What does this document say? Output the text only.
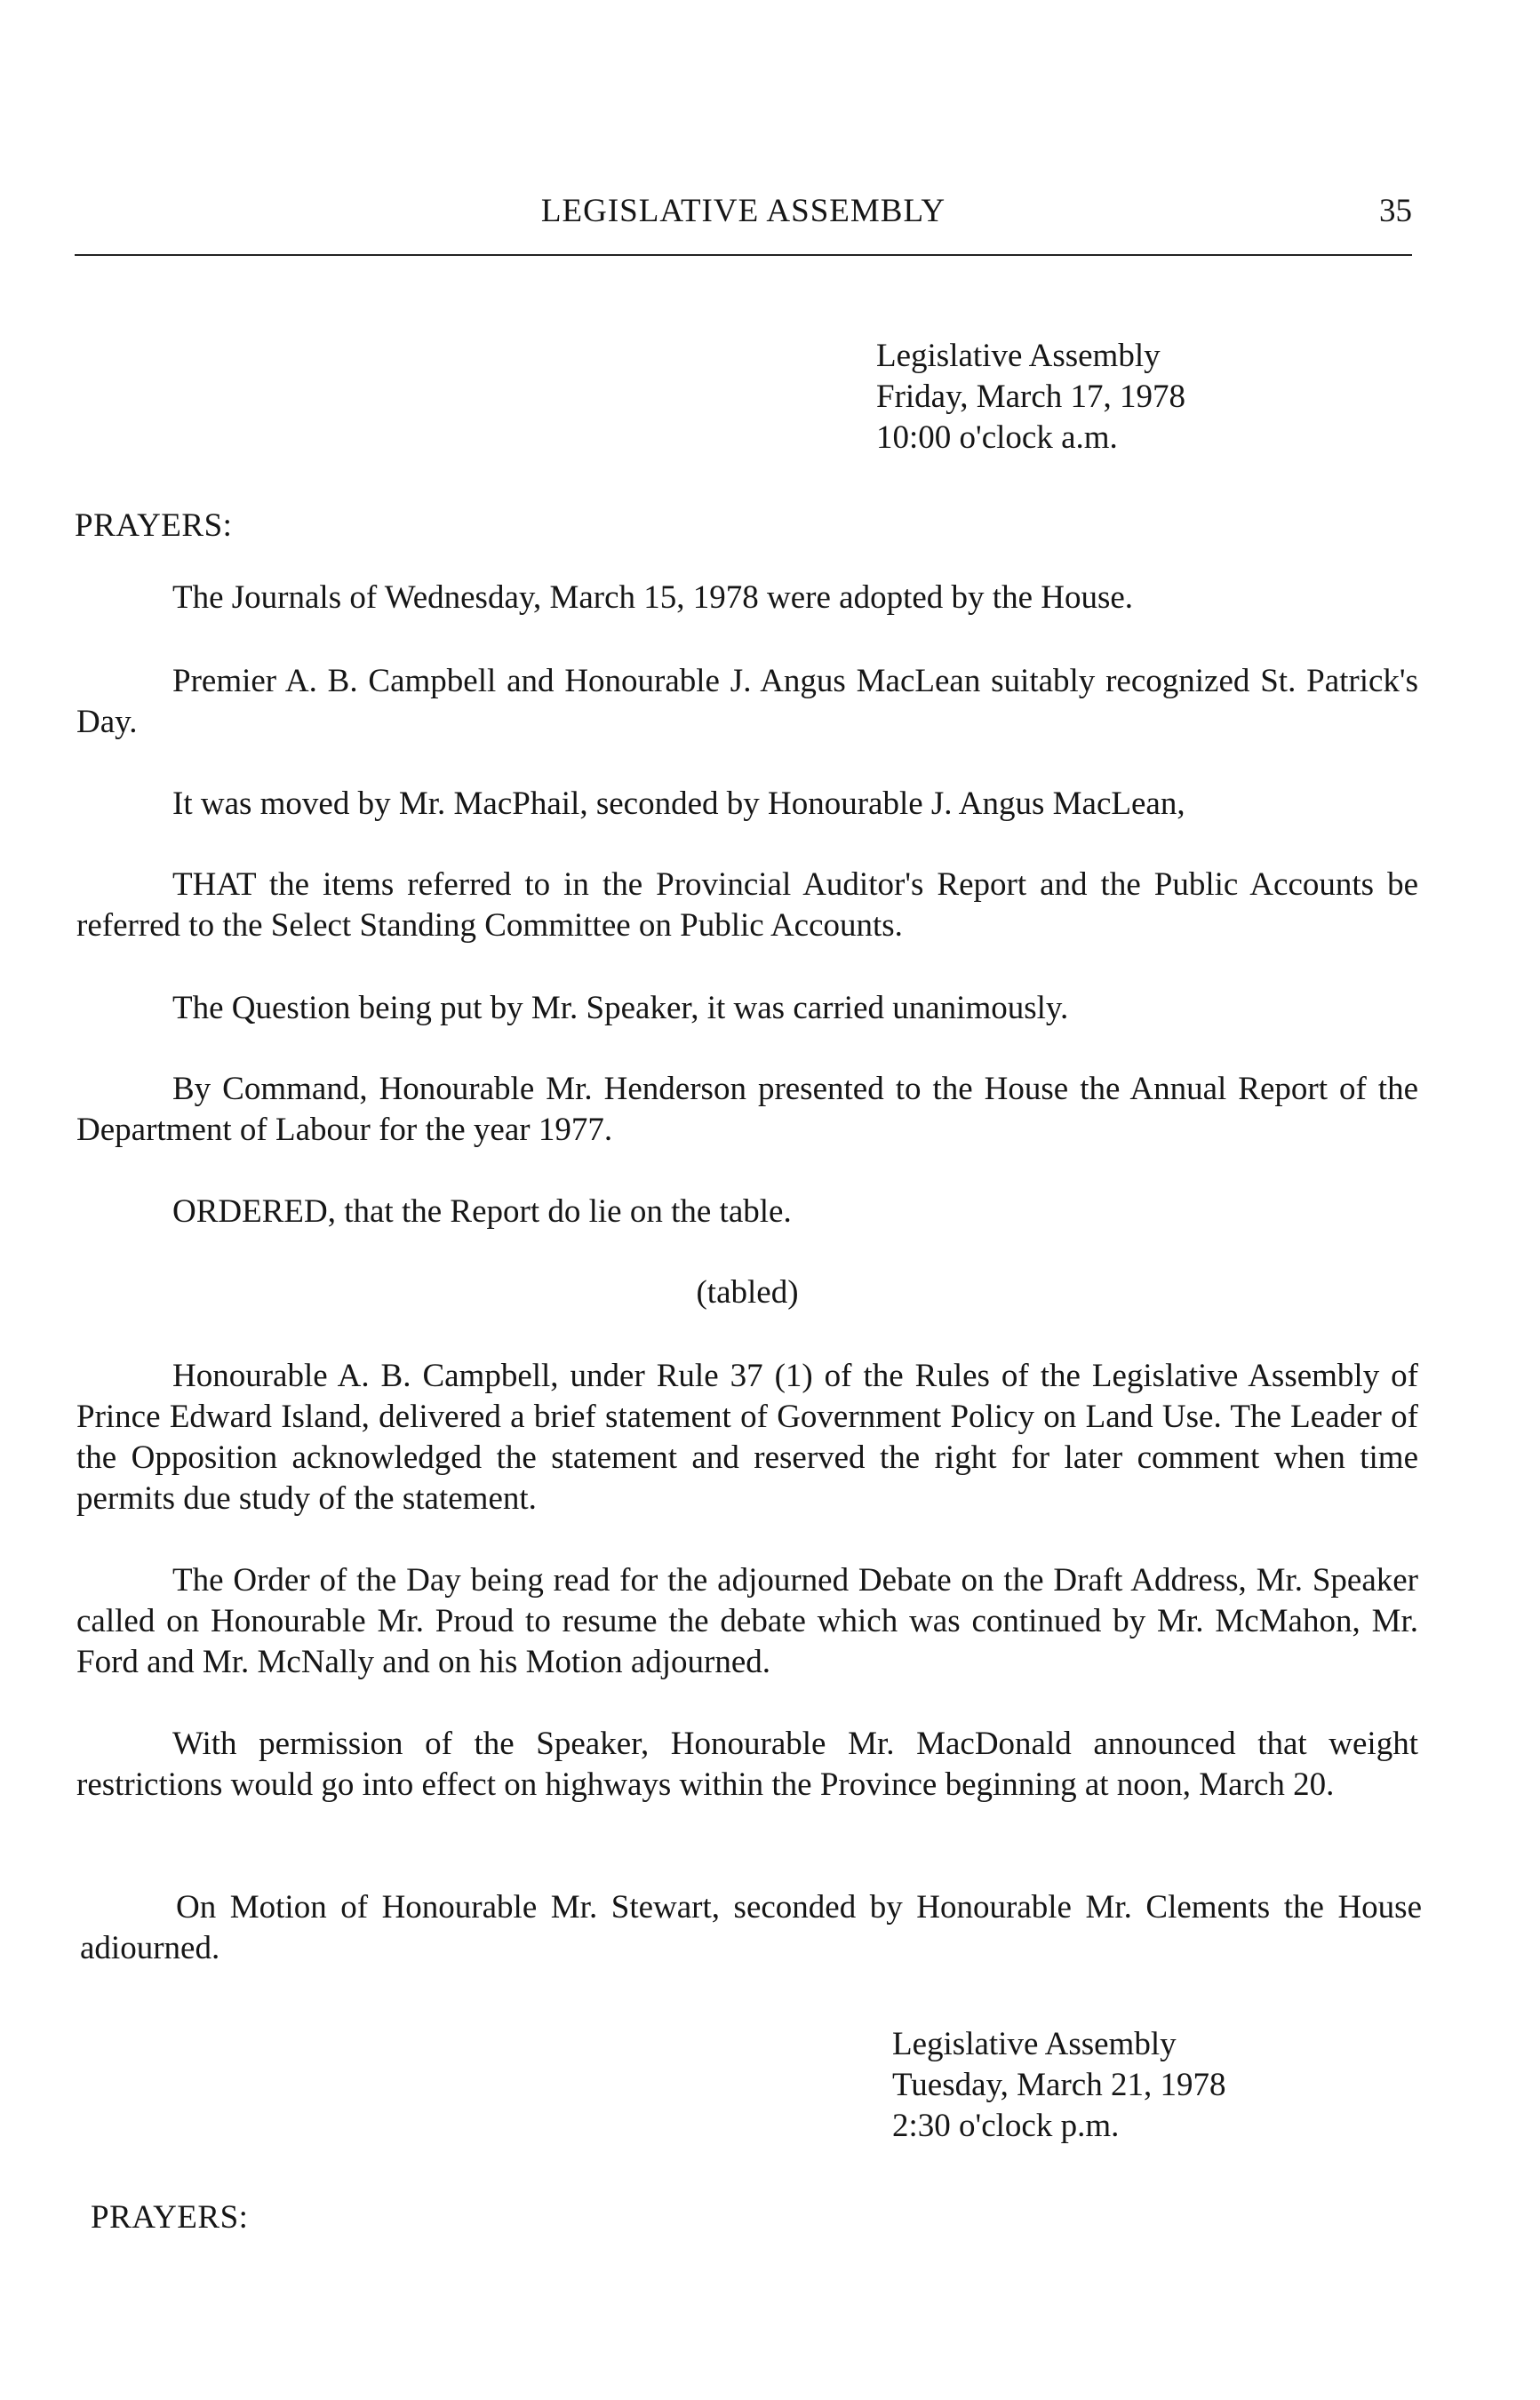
LEGISLATIVE ASSEMBLY	35
Legislative Assembly
Friday, March 17, 1978
10:00 o'clock a.m.
PRAYERS:

The Journals of Wednesday, March 15, 1978 were adopted by the House.

Premier A. B. Campbell and Honourable J. Angus MacLean suitably recognized St. Patrick's Day.

It was moved by Mr. MacPhail, seconded by Honourable J. Angus MacLean,

THAT the items referred to in the Provincial Auditor's Report and the Public Accounts be referred to the Select Standing Committee on Public Accounts.

The Question being put by Mr. Speaker, it was carried unanimously.

By Command, Honourable Mr. Henderson presented to the House the Annual Report of the Department of Labour for the year 1977.

ORDERED, that the Report do lie on the table.

(tabled)

Honourable A. B. Campbell, under Rule 37 (1) of the Rules of the Legislative Assembly of Prince Edward Island, delivered a brief statement of Government Policy on Land Use. The Leader of the Opposition acknowledged the statement and reserved the right for later comment when time permits due study of the statement.

The Order of the Day being read for the adjourned Debate on the Draft Address, Mr. Speaker called on Honourable Mr. Proud to resume the debate which was continued by Mr. McMahon, Mr. Ford and Mr. McNally and on his Motion adjourned.

With permission of the Speaker, Honourable Mr. MacDonald announced that weight restrictions would go into effect on highways within the Province beginning at noon, March 20.

On Motion of Honourable Mr. Stewart, seconded by Honourable Mr. Clements the House adiourned.

Legislative Assembly
Tuesday, March 21, 1978
2:30 o'clock p.m.
PRAYERS:
